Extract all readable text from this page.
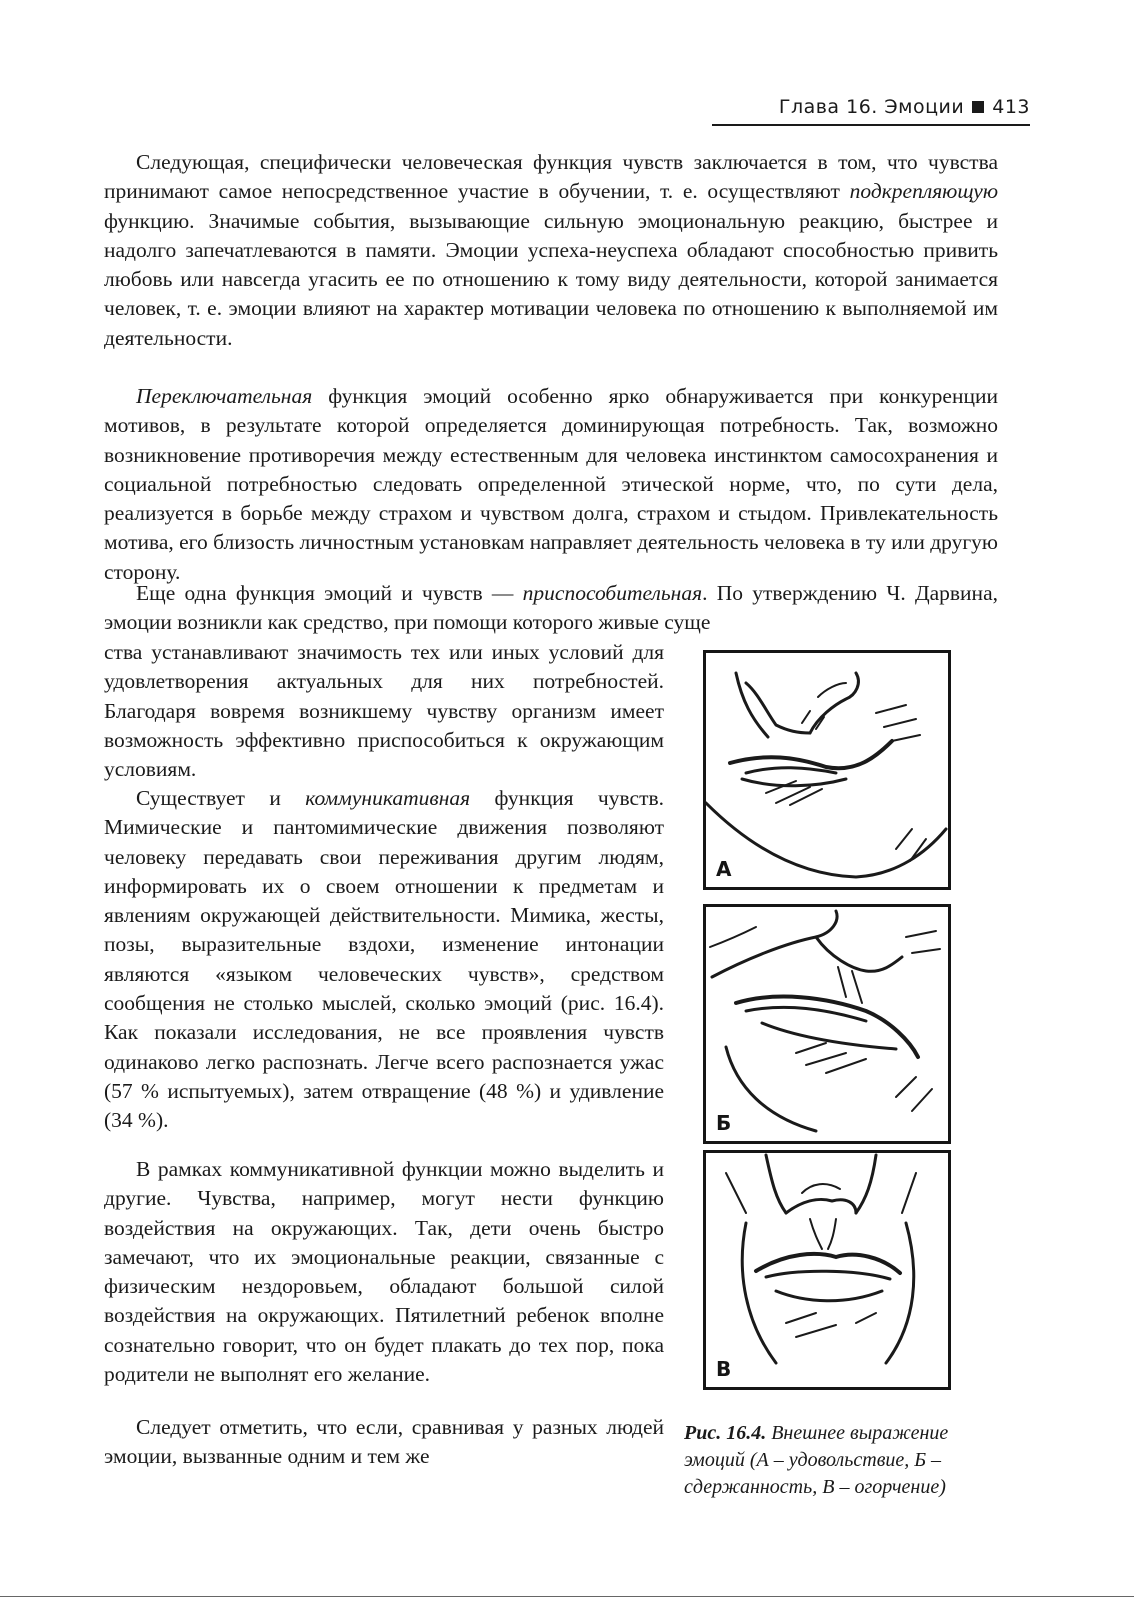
Глава 16. Эмоции 413

Следующая, специфически человеческая функция чувств заключается в том, что чувства принимают самое непосредственное участие в обучении, т. е. осуществляют подкрепляющую функцию. Значимые события, вызывающие сильную эмоциональную реакцию, быстрее и надолго запечатлеваются в памяти. Эмоции успеха-неуспеха обладают способностью привить любовь или навсегда угасить ее по отношению к тому виду деятельности, которой занимается человек, т. е. эмоции влияют на характер мотивации человека по отношению к выполняемой им деятельности.

Переключательная функция эмоций особенно ярко обнаруживается при конкуренции мотивов, в результате которой определяется доминирующая потребность. Так, возможно возникновение противоречия между естественным для человека инстинктом самосохранения и социальной потребностью следовать определенной этической норме, что, по сути дела, реализуется в борьбе между страхом и чувством долга, страхом и стыдом. Привлекательность мотива, его близость личностным установкам направляет деятельность человека в ту или другую сторону.

Еще одна функция эмоций и чувств — приспособительная. По утверждению Ч. Дарвина, эмоции возникли как средство, при помощи которого живые суще

ства устанавливают значимость тех или иных условий для удовлетворения актуальных для них потребностей. Благодаря вовремя возникшему чувству организм имеет возможность эффективно приспособиться к окружающим условиям.

Существует и коммуникативная функция чувств. Мимические и пантомимические движения позволяют человеку передавать свои переживания другим людям, информировать их о своем отношении к предметам и явлениям окружающей действительности. Мимика, жесты, позы, выразительные вздохи, изменение интонации являются «языком человеческих чувств», средством сообщения не столько мыслей, сколько эмоций (рис. 16.4). Как показали исследования, не все проявления чувств одинаково легко распознать. Легче всего распознается ужас (57 % испытуемых), затем отвращение (48 %) и удивление (34 %).

В рамках коммуникативной функции можно выделить и другие. Чувства, например, могут нести функцию воздействия на окружающих. Так, дети очень быстро замечают, что их эмоциональные реакции, связанные с физическим нездоровьем, обладают большой силой воздействия на окружающих. Пятилетний ребенок вполне сознательно говорит, что он будет плакать до тех пор, пока родители не выполнят его желание.

Следует отметить, что если, сравнивая у разных людей эмоции, вызванные одним и тем же

А
Б
В
Рис. 16.4. Внешнее выражение эмоций (А – удовольствие, Б – сдержанность, В – огорчение)
